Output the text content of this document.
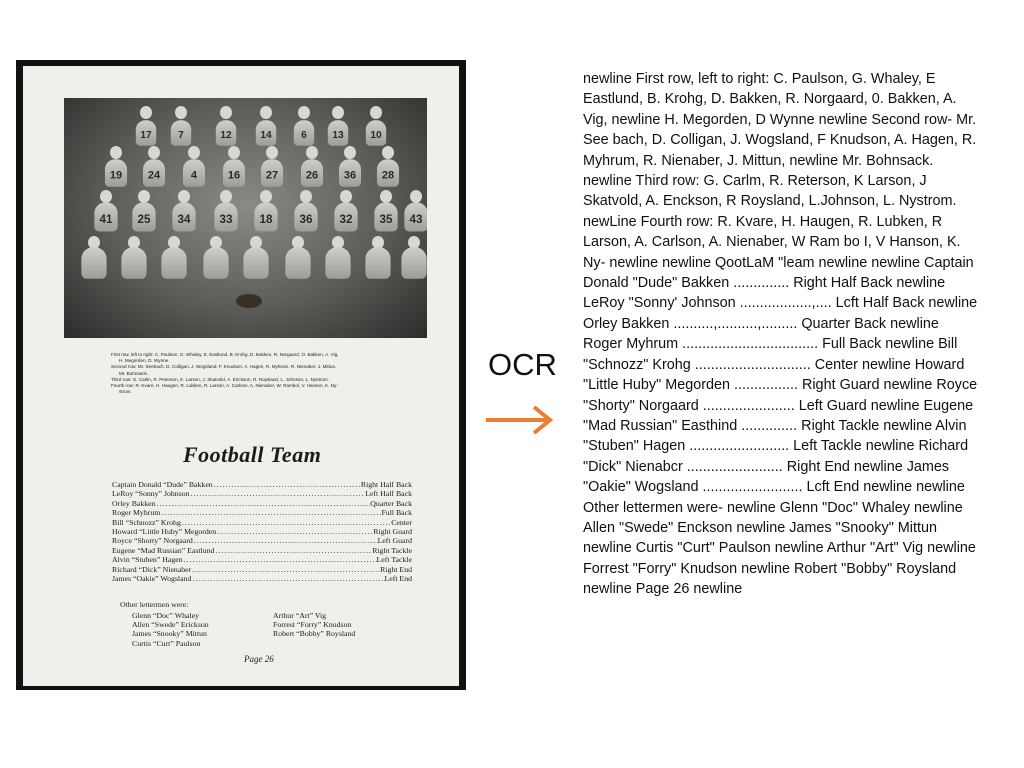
17	7	12	14	6	13	10
19	24	4	16	27	26	36	28
41	25	34	33	18	36	32	35	43
First row, left to right: C. Paulson, G. Whaley, E. Eastlund, B. Krohg, D. Bakken, R. Norgaard, O. Bakken, A. Vig,
H. Megorden, D. Wynne.
Second row: Mr. Seebach, D. Colligan, J. Wogsland, F. Knudson, A. Hagen, R. Myhrum, R. Nienaber, J. Mittun,
Mr. Bohnsack.
Third row: G. Carlin, R. Peterson, K. Larson, J. Skatvold, A. Erickson, R. Roysland, L. Johnson, L. Nystrom.
Fourth row: R. Kvare, H. Haugen, R. Lubken, R. Larson, A. Carlson, A. Nienaber, W. Rambol, V. Hanson, K. Ny-
strom.
Football Team
Captain Donald “Dude” Bakken .....	Right Half Back
LeRoy “Sonny” Johnson .....	Left Half Back
Orley Bakken .....	Quarter Back
Roger Myhrum .....	Full Back
Bill “Schnozz” Krohg .....	Center
Howard “Little Huby” Megorden .....	Right Guard
Royce “Shorty” Norgaard .....	Left Guard
Eugene “Mad Russian” Eastlund .....	Right Tackle
Alvin “Stuben” Hagen .....	Left Tackle
Richard “Dick” Nienaber .....	Right End
James “Oakie” Wogsland .....	Left End
Other lettermen were:
Glenn “Doc” Whaley
Allen “Swede” Erickson
James “Snooky” Mittun
Curtis “Curt” Paulson
Arthur “Art” Vig
Forrest “Forry” Knudson
Robert “Bobby” Roysland
Page 26
OCR
newline First row, left to right: C. Paulson, G. Whaley, E Eastlund, B. Krohg, D. Bakken, R. Norgaard, 0. Bakken, A. Vig, newline H. Megorden, D Wynne newline Second row- Mr. See bach, D. Colligan, J. Wogsland, F Knudson, A. Hagen, R. Myhrum, R. Nienaber, J. Mittun, newline Mr. Bohnsack. newline Third row: G. Carlm, R. Reterson, K Larson, J Skatvold, A. Enckson, R Roysland, L.Johnson, L. Nystrom. newLine Fourth row: R. Kvare, H. Haugen, R. Lubken, R Larson, A. Carlson, A. Nienaber, W Ram bo I, V Hanson, K. Ny- newline newline QootLaM "leam newline newline Captain Donald "Dude" Bakken .............. Right Half Back newline LeRoy "Sonny' Johnson ..................,.... Lcft Half Back newline Orley Bakken ..........,..........,......... Quarter Back newline Roger Myhrum .................................. Full Back newline Bill "Schnozz" Krohg ............................. Center newline Howard "Little Huby" Megorden ................ Right Guard newline Royce "Shorty" Norgaard ....................... Left Guard newline Eugene "Mad Russian" Easthind .............. Right Tackle newline Alvin "Stuben" Hagen ......................... Left Tackle newline Richard "Dick" Nienabcr ........................ Right End newline James "Oakie" Wogsland ......................... Lcft End newline newline Other lettermen were- newline Glenn "Doc" Whaley newline Allen "Swede" Enckson newline James "Snooky" Mittun newline Curtis "Curt" Paulson newline Arthur "Art" Vig newline Forrest "Forry" Knudson newline Robert "Bobby" Roysland newline Page 26 newline
